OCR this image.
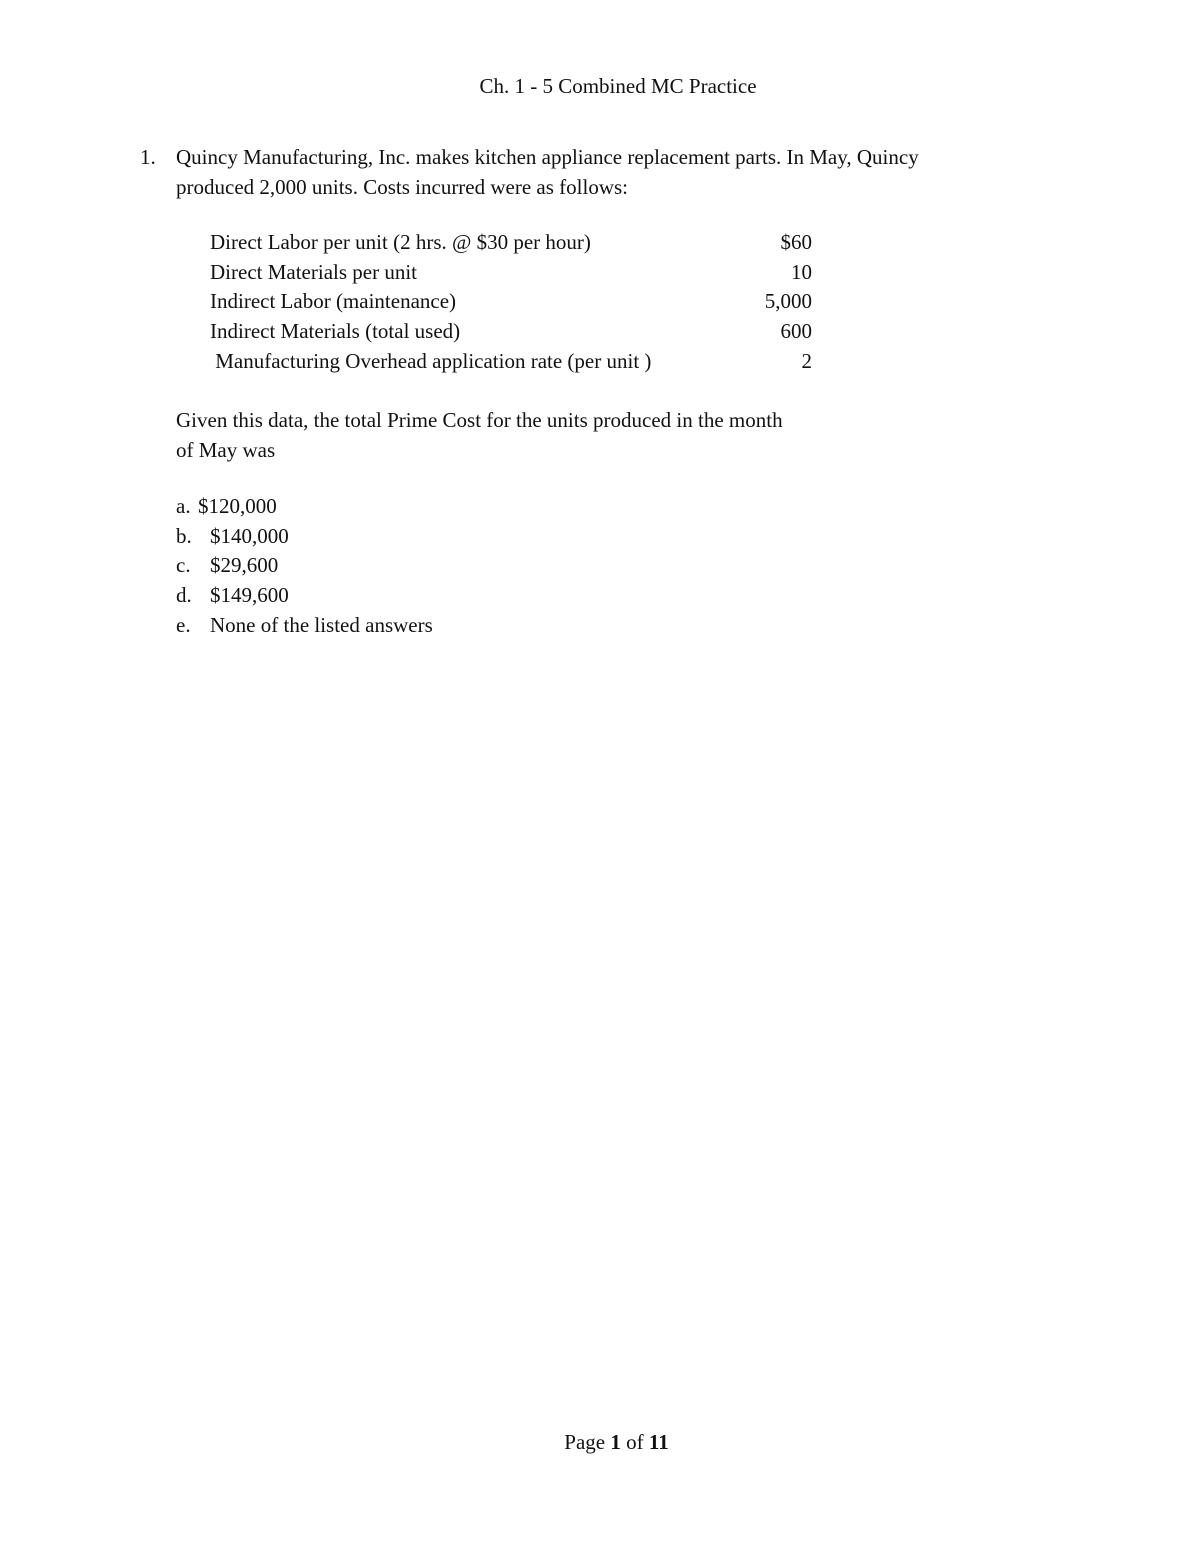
Ch. 1 - 5 Combined MC Practice
1. Quincy Manufacturing, Inc. makes kitchen appliance replacement parts. In May, Quincy
produced 2,000 units. Costs incurred were as follows:
Direct Labor per unit (2 hrs. @ $30 per hour)	$60
Direct Materials per unit	10
Indirect Labor (maintenance)	5,000
Indirect Materials (total used)	600
Manufacturing Overhead application rate (per unit )	2
Given this data, the total Prime Cost for the units produced in the month
of May was
a. $120,000
b. $140,000
c. $29,600
d. $149,600
e. None of the listed answers
Page 1 of 11
